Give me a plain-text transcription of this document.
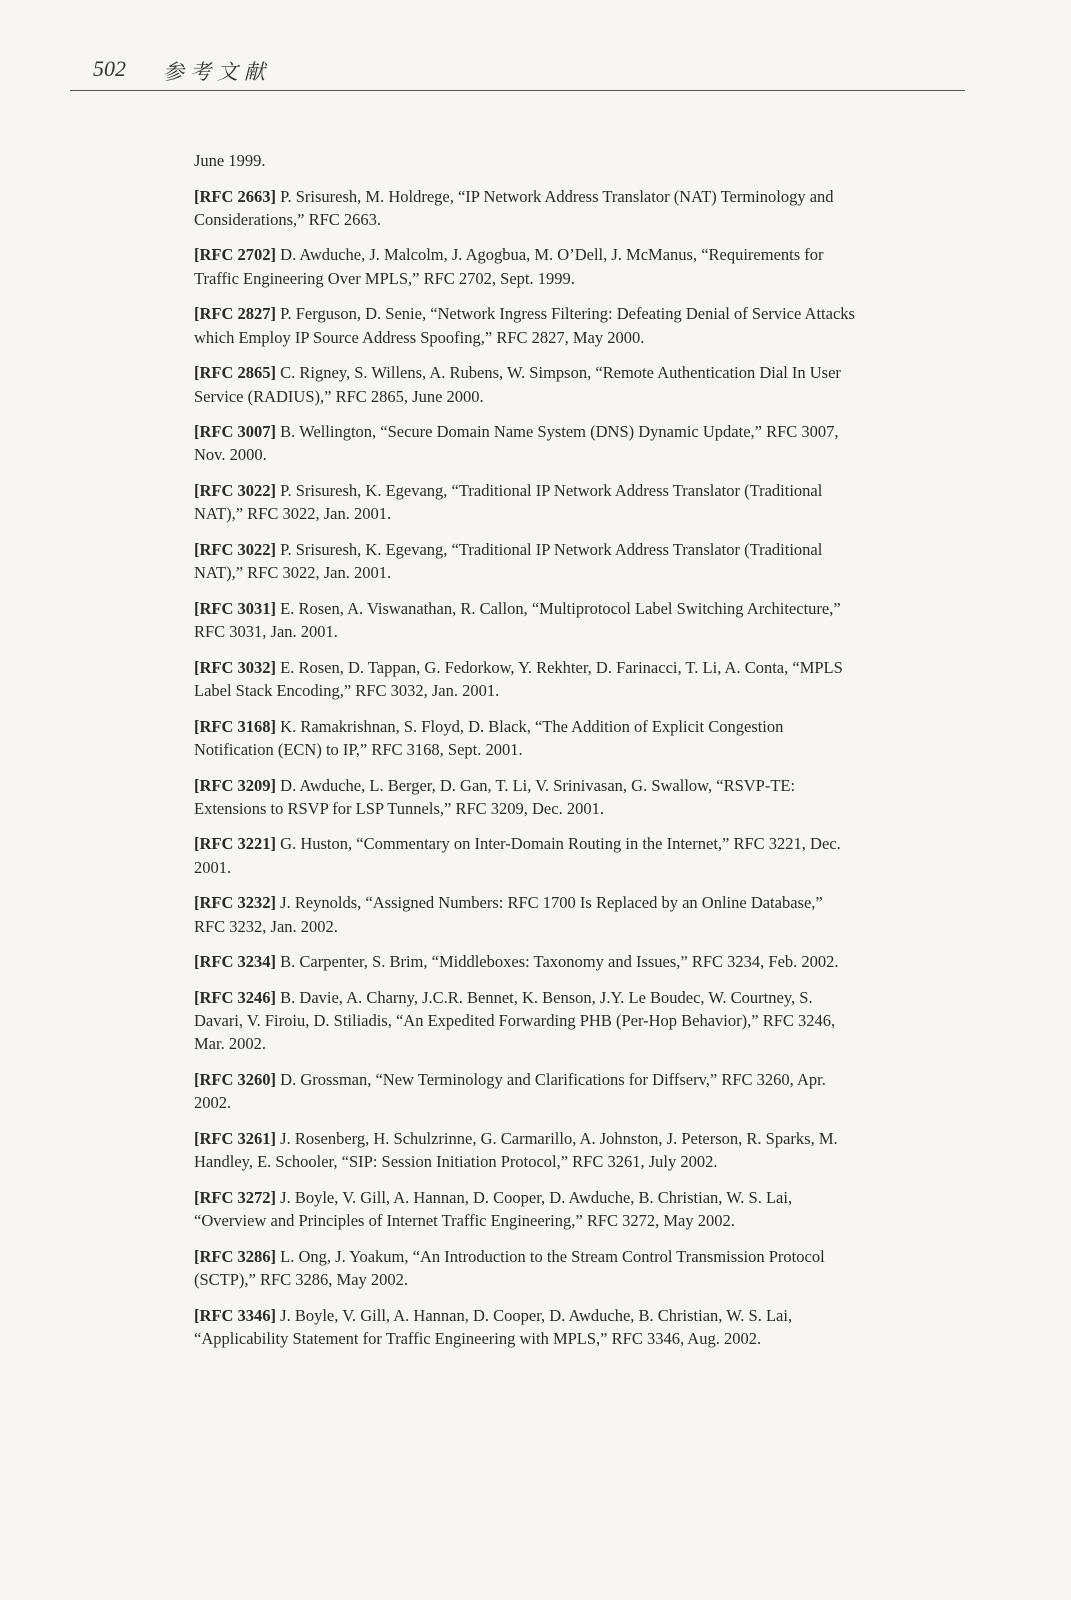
502 参考文献

June 1999.

[RFC 2663] P. Srisuresh, M. Holdrege, “IP Network Address Translator (NAT) Terminology and Considerations,” RFC 2663.

[RFC 2702] D. Awduche, J. Malcolm, J. Agogbua, M. O’Dell, J. McManus, “Requirements for Traffic Engineering Over MPLS,” RFC 2702, Sept. 1999.

[RFC 2827] P. Ferguson, D. Senie, “Network Ingress Filtering: Defeating Denial of Service Attacks which Employ IP Source Address Spoofing,” RFC 2827, May 2000.

[RFC 2865] C. Rigney, S. Willens, A. Rubens, W. Simpson, “Remote Authentication Dial In User Service (RADIUS),” RFC 2865, June 2000.

[RFC 3007] B. Wellington, “Secure Domain Name System (DNS) Dynamic Update,” RFC 3007, Nov. 2000.

[RFC 3022] P. Srisuresh, K. Egevang, “Traditional IP Network Address Translator (Traditional NAT),” RFC 3022, Jan. 2001.

[RFC 3022] P. Srisuresh, K. Egevang, “Traditional IP Network Address Translator (Traditional NAT),” RFC 3022, Jan. 2001.

[RFC 3031] E. Rosen, A. Viswanathan, R. Callon, “Multiprotocol Label Switching Architecture,” RFC 3031, Jan. 2001.

[RFC 3032] E. Rosen, D. Tappan, G. Fedorkow, Y. Rekhter, D. Farinacci, T. Li, A. Conta, “MPLS Label Stack Encoding,” RFC 3032, Jan. 2001.

[RFC 3168] K. Ramakrishnan, S. Floyd, D. Black, “The Addition of Explicit Congestion Notification (ECN) to IP,” RFC 3168, Sept. 2001.

[RFC 3209] D. Awduche, L. Berger, D. Gan, T. Li, V. Srinivasan, G. Swallow, “RSVP-TE: Extensions to RSVP for LSP Tunnels,” RFC 3209, Dec. 2001.

[RFC 3221] G. Huston, “Commentary on Inter-Domain Routing in the Internet,” RFC 3221, Dec. 2001.

[RFC 3232] J. Reynolds, “Assigned Numbers: RFC 1700 Is Replaced by an Online Database,” RFC 3232, Jan. 2002.

[RFC 3234] B. Carpenter, S. Brim, “Middleboxes: Taxonomy and Issues,” RFC 3234, Feb. 2002.

[RFC 3246] B. Davie, A. Charny, J.C.R. Bennet, K. Benson, J.Y. Le Boudec, W. Courtney, S. Davari, V. Firoiu, D. Stiliadis, “An Expedited Forwarding PHB (Per-Hop Behavior),” RFC 3246, Mar. 2002.

[RFC 3260] D. Grossman, “New Terminology and Clarifications for Diffserv,” RFC 3260, Apr. 2002.

[RFC 3261] J. Rosenberg, H. Schulzrinne, G. Carmarillo, A. Johnston, J. Peterson, R. Sparks, M. Handley, E. Schooler, “SIP: Session Initiation Protocol,” RFC 3261, July 2002.

[RFC 3272] J. Boyle, V. Gill, A. Hannan, D. Cooper, D. Awduche, B. Christian, W. S. Lai, “Overview and Principles of Internet Traffic Engineering,” RFC 3272, May 2002.

[RFC 3286] L. Ong, J. Yoakum, “An Introduction to the Stream Control Transmission Protocol (SCTP),” RFC 3286, May 2002.

[RFC 3346] J. Boyle, V. Gill, A. Hannan, D. Cooper, D. Awduche, B. Christian, W. S. Lai, “Applicability Statement for Traffic Engineering with MPLS,” RFC 3346, Aug. 2002.
